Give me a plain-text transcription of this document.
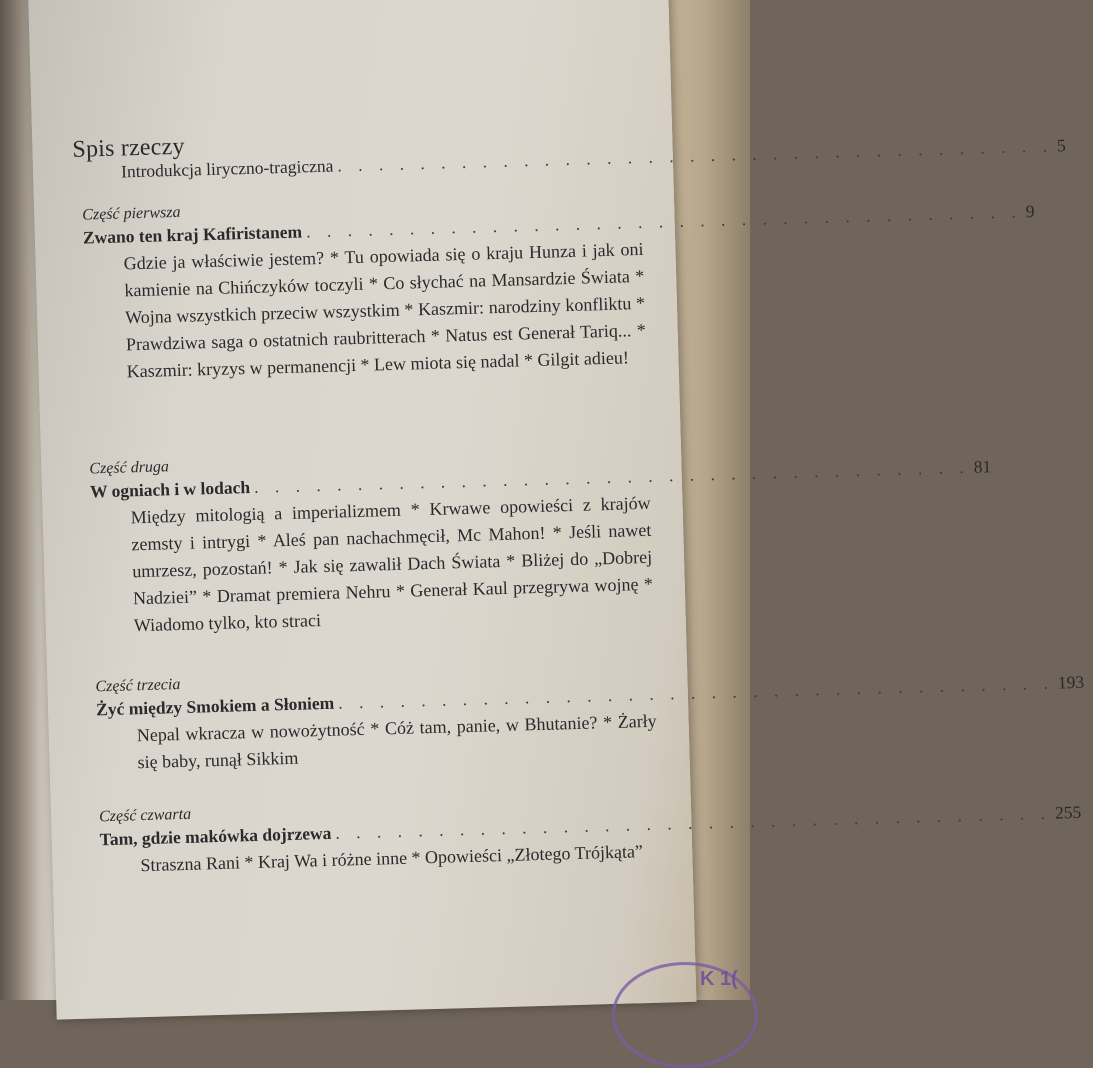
Spis rzeczy
Introdukcja liryczno-tragiczna . . . . . . . . . . . . . . . . . . . . . . . . . . . . . . . . . . . 5
Część pierwsza
Zwano ten kraj Kafiristanem . . . . . . . . . . . . . . . . . . . . . . . . . . . . . . . . . . . 9
Gdzie ja właściwie jestem? * Tu opowiada się o kraju Hunza i jak oni kamienie na Chińczyków toczyli * Co słychać na Mansardzie Świata * Wojna wszystkich przeciw wszystkim * Kaszmir: narodziny konfliktu * Prawdziwa saga o ostatnich raubritterach * Natus est Generał Tariq... * Kaszmir: kryzys w permanencji * Lew miota się nadal * Gilgit adieu!
Część druga
W ogniach i w lodach . . . . . . . . . . . . . . . . . . . . . . . . . . . . . . . . . . . 81
Między mitologią a imperializmem * Krwawe opowieści z krajów zemsty i intrygi * Aleś pan nachachmęcił, Mc Mahon! * Jeśli nawet umrzesz, pozostań! * Jak się zawalił Dach Świata * Bliżej do „Dobrej Nadziei” * Dramat premiera Nehru * Generał Kaul przegrywa wojnę * Wiadomo tylko, kto straci
Część trzecia
Żyć między Smokiem a Słoniem . . . . . . . . . . . . . . . . . . . . . . . . . . . . . . . . . . . 193
Nepal wkracza w nowożytność * Cóż tam, panie, w Bhutanie? * Żarły się baby, runął Sikkim
Część czwarta
Tam, gdzie makówka dojrzewa . . . . . . . . . . . . . . . . . . . . . . . . . . . . . . . . . . . 255
Straszna Rani * Kraj Wa i różne inne * Opowieści „Złotego Trójkąta”
K 1(
